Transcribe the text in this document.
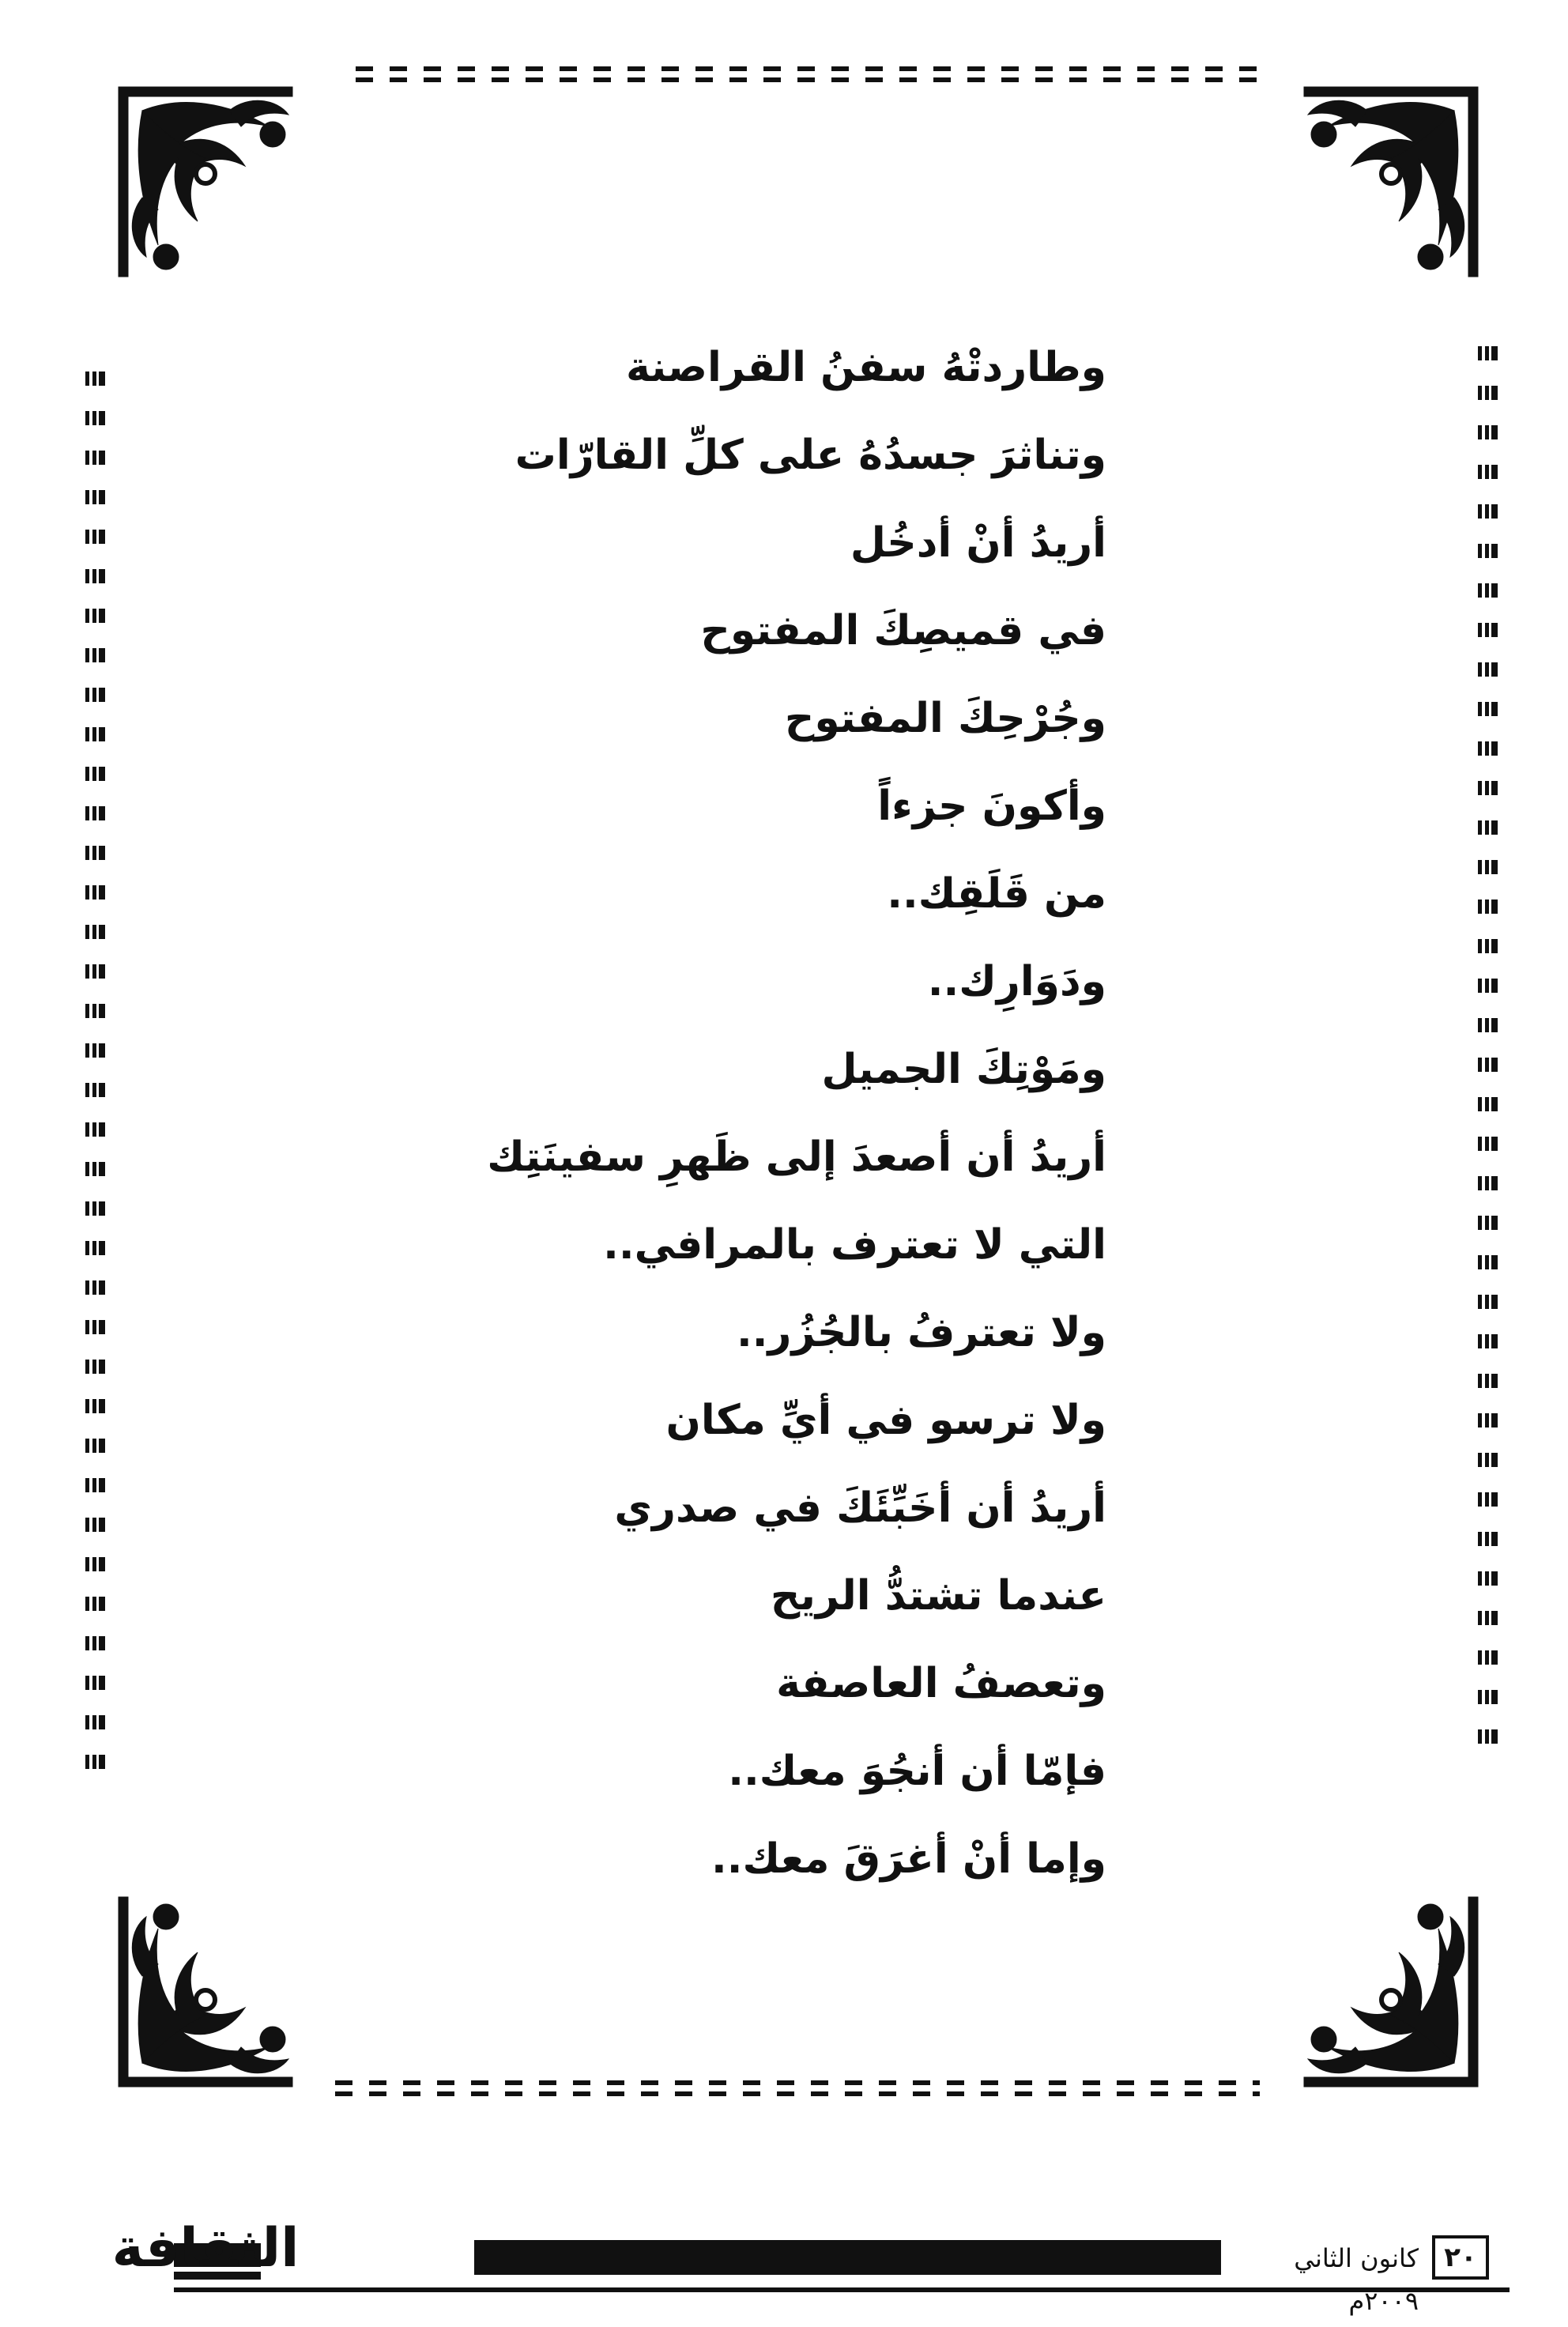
وطاردتْهُ سفنُ القراصنة
وتناثرَ جسدُهُ على كلِّ القارّات
أريدُ أنْ أدخُل
في قميصِكَ المفتوح
وجُرْحِكَ المفتوح
وأكونَ جزءاً
من قَلَقِك..
ودَوَارِك..
ومَوْتِكَ الجميل
أريدُ أن أصعدَ إلى ظَهرِ سفينَتِك
التي لا تعترف بالمرافي..
ولا تعترفُ بالجُزُر..
ولا ترسو في أيِّ مكان
أريدُ أن أخَبِّئَكَ في صدري
عندما تشتدُّ الريح
وتعصفُ العاصفة
فإمّا أن أنجُوَ معك..
وإما أنْ أغرَقَ معك..
الثقافة	كانون الثاني ٢٠٠٩م
٢٠
